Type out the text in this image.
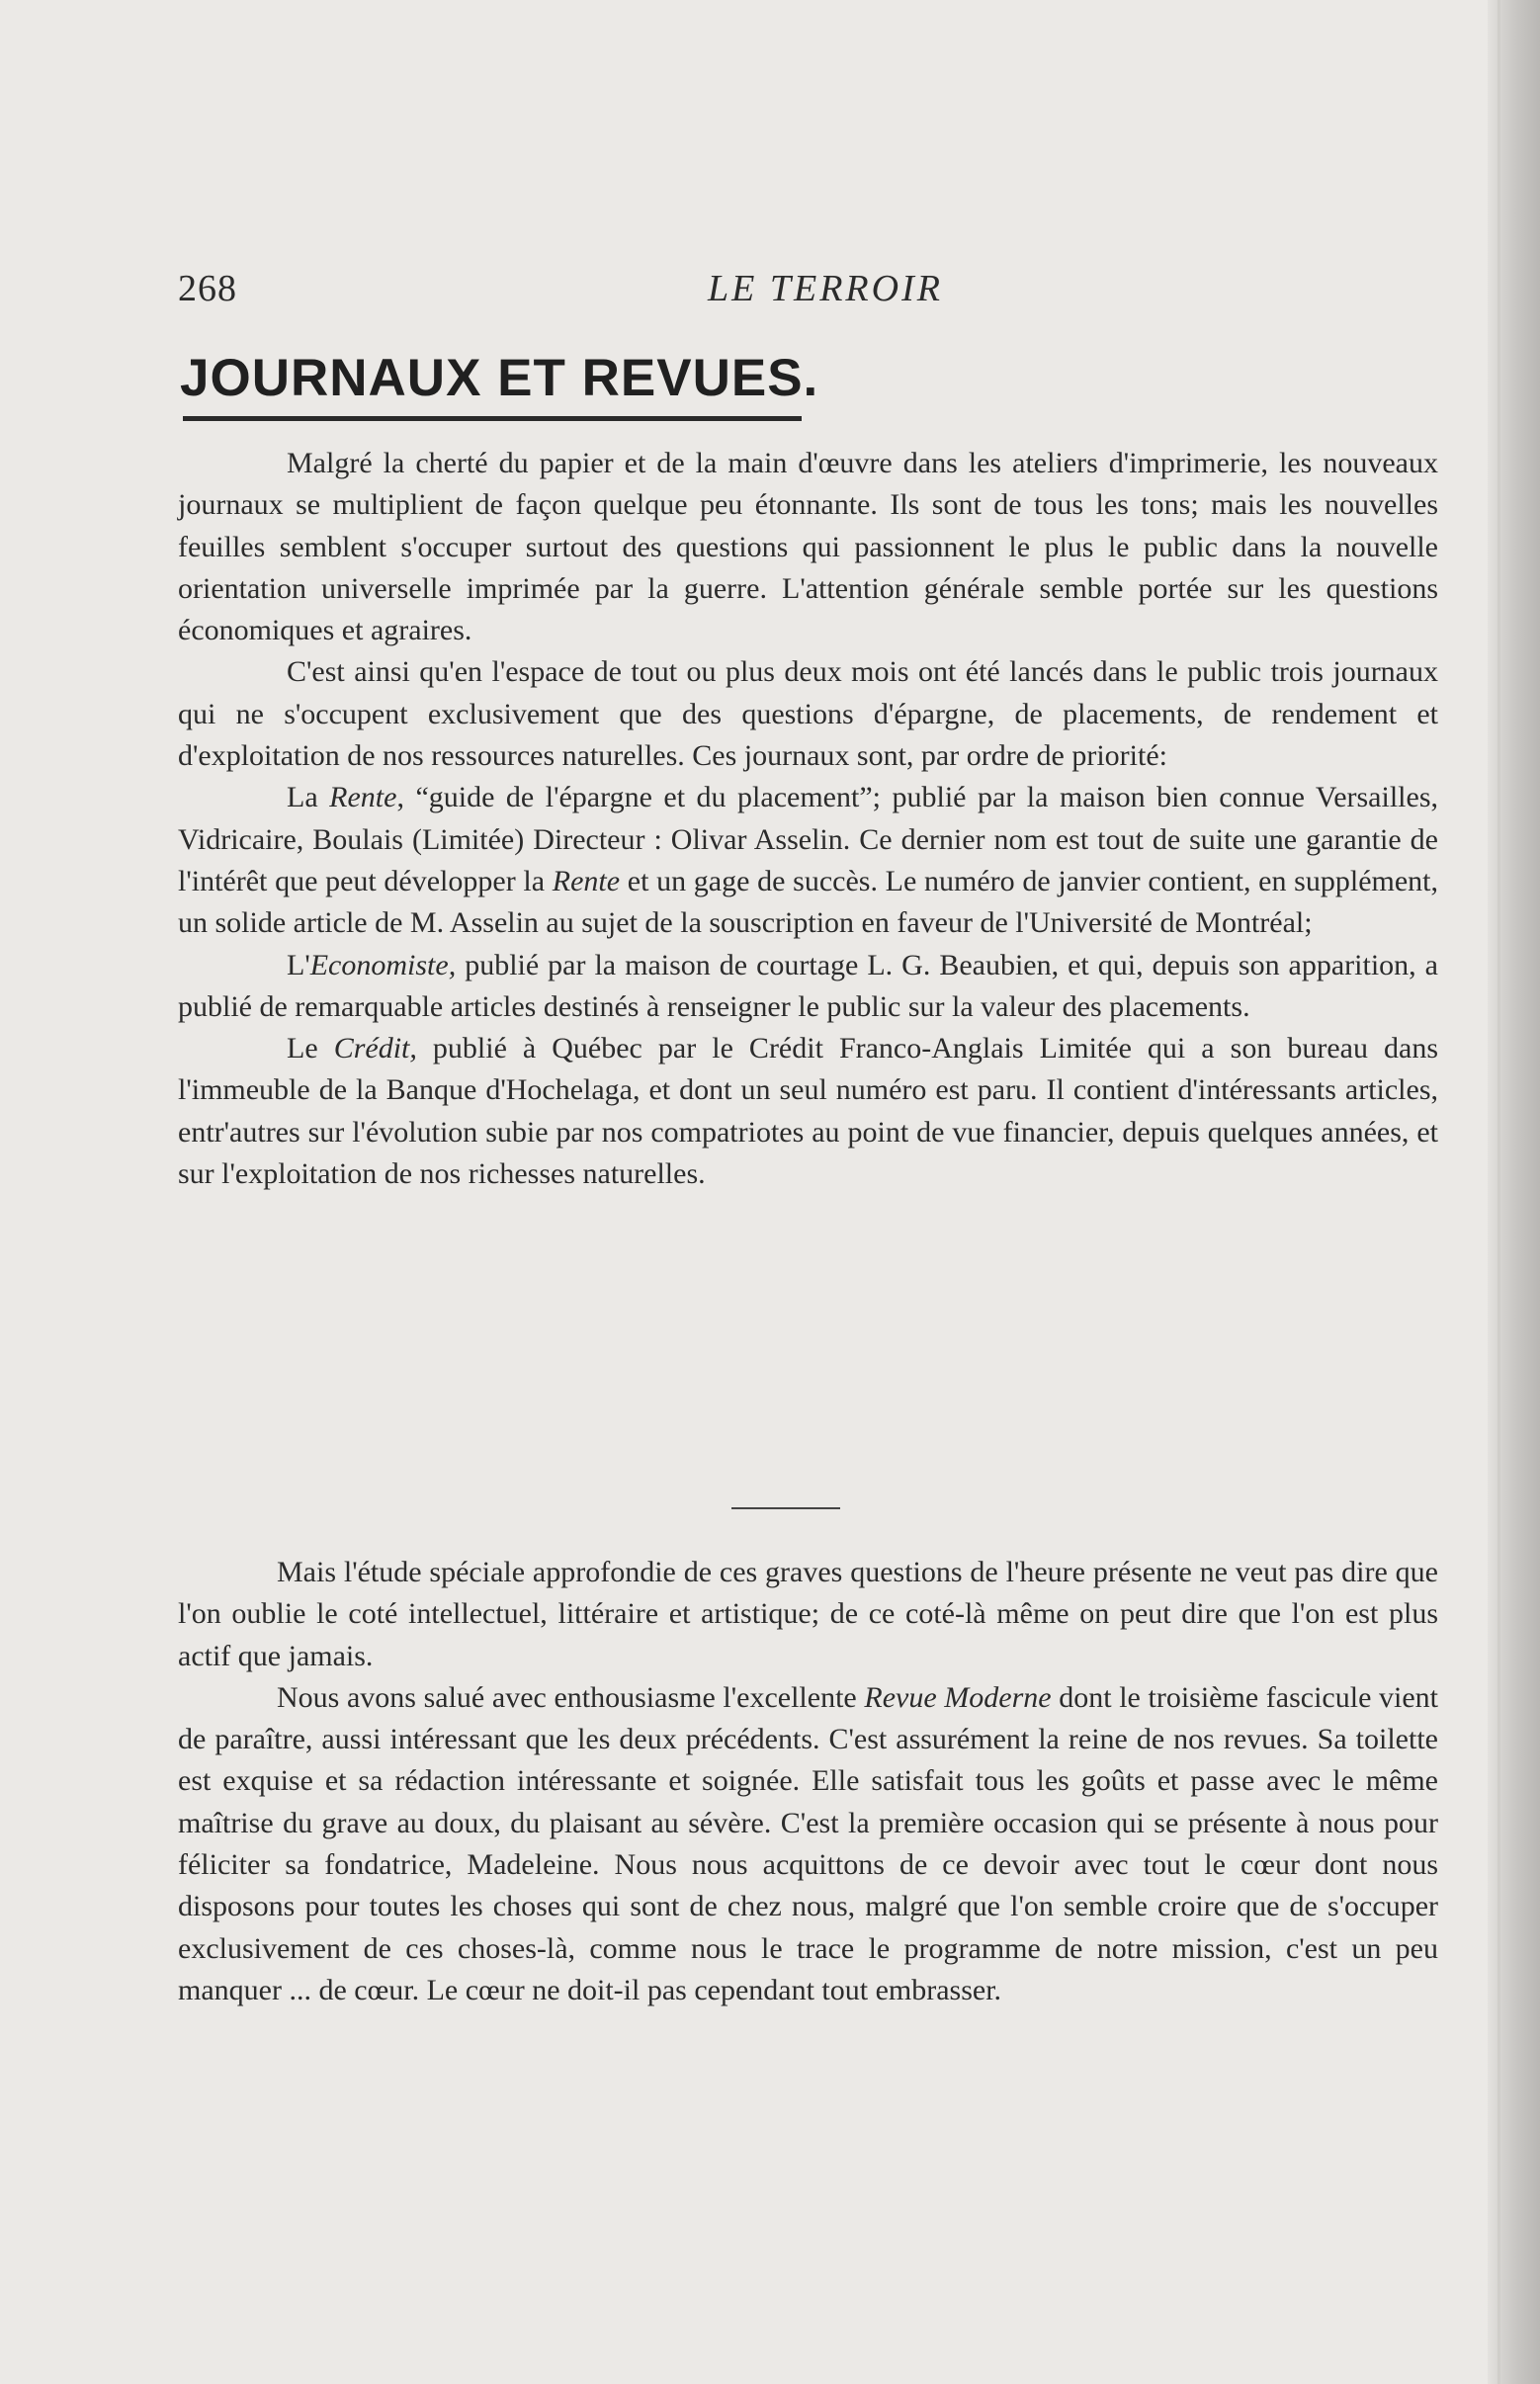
268	LE TERROIR
JOURNAUX ET REVUES.

Malgré la cherté du papier et de la main d'œuvre dans les ateliers d'imprimerie, les nouveaux journaux se multiplient de façon quelque peu étonnante. Ils sont de tous les tons; mais les nouvelles feuilles semblent s'occuper surtout des questions qui passionnent le plus le public dans la nouvelle orientation universelle imprimée par la guerre. L'attention générale semble portée sur les questions économiques et agraires.

C'est ainsi qu'en l'espace de tout ou plus deux mois ont été lancés dans le public trois journaux qui ne s'occupent exclusivement que des questions d'épargne, de placements, de rendement et d'exploitation de nos ressources naturelles. Ces journaux sont, par ordre de priorité:

La Rente, “guide de l'épargne et du placement”; publié par la maison bien connue Versailles, Vidricaire, Boulais (Limitée) Directeur : Olivar Asselin. Ce dernier nom est tout de suite une garantie de l'intérêt que peut développer la Rente et un gage de succès. Le numéro de janvier contient, en supplément, un solide article de M. Asselin au sujet de la souscription en faveur de l'Université de Montréal;

L'Economiste, publié par la maison de courtage L. G. Beaubien, et qui, depuis son apparition, a publié de remarquable articles destinés à renseigner le public sur la valeur des placements.

Le Crédit, publié à Québec par le Crédit Franco-Anglais Limitée qui a son bureau dans l'immeuble de la Banque d'Hochelaga, et dont un seul numéro est paru. Il contient d'intéressants articles, entr'autres sur l'évolution subie par nos compatriotes au point de vue financier, depuis quelques années, et sur l'exploitation de nos richesses naturelles.

Mais l'étude spéciale approfondie de ces graves questions de l'heure présente ne veut pas dire que l'on oublie le coté intellectuel, littéraire et artistique; de ce coté-là même on peut dire que l'on est plus actif que jamais.

Nous avons salué avec enthousiasme l'excellente Revue Moderne dont le troisième fascicule vient de paraître, aussi intéressant que les deux précédents. C'est assurément la reine de nos revues. Sa toilette est exquise et sa rédaction intéressante et soignée. Elle satisfait tous les goûts et passe avec le même maîtrise du grave au doux, du plaisant au sévère. C'est la première occasion qui se présente à nous pour féliciter sa fondatrice, Madeleine. Nous nous acquittons de ce devoir avec tout le cœur dont nous disposons pour toutes les choses qui sont de chez nous, malgré que l'on semble croire que de s'occuper exclusivement de ces choses-là, comme nous le trace le programme de notre mission, c'est un peu manquer ... de cœur. Le cœur ne doit-il pas cependant tout embrasser.
